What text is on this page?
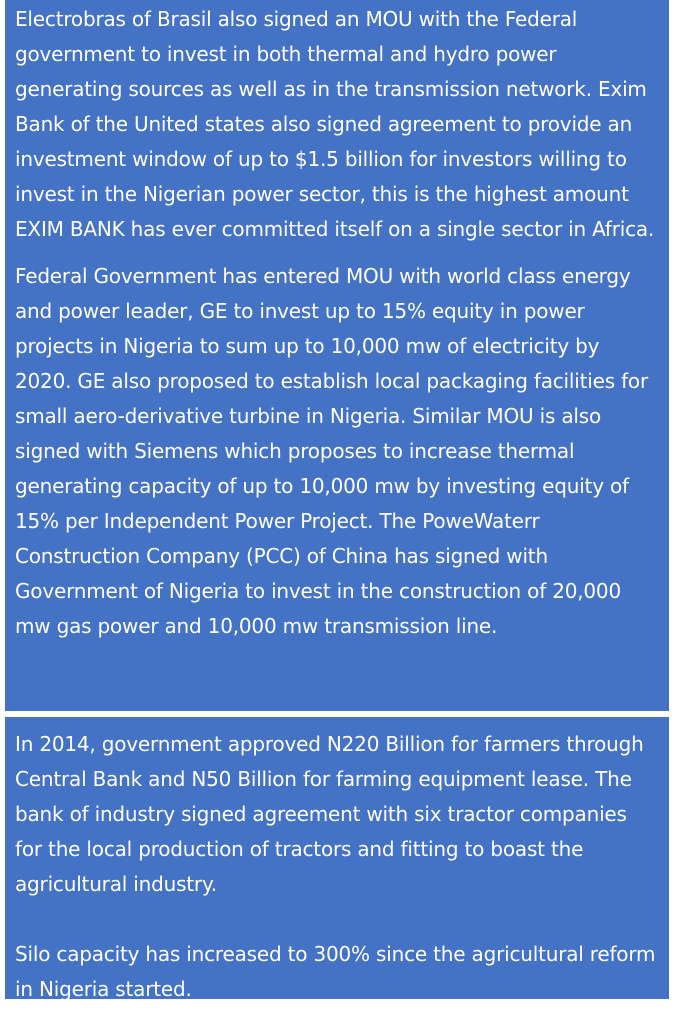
Electrobras of Brasil also signed an MOU with the Federal government to invest in both thermal and hydro power generating sources as well as in the transmission network. Exim Bank of the United states also signed agreement to provide an investment window of up to $1.5 billion for investors willing to invest in the Nigerian power sector, this is the highest amount EXIM BANK has ever committed itself on a single sector in Africa.

Federal Government has entered MOU with world class energy and power leader, GE to invest up to 15% equity in power projects in Nigeria to sum up to 10,000 mw of electricity by 2020. GE also proposed to establish local packaging facilities for small aero-derivative turbine in Nigeria. Similar MOU is also signed with Siemens which proposes to increase thermal generating capacity of up to 10,000 mw by investing equity of 15% per Independent Power Project. The PoweWaterr Construction Company (PCC) of China has signed with Government of Nigeria to invest in the construction of 20,000 mw gas power and 10,000 mw transmission line.

In 2014, government approved N220 Billion for farmers through Central Bank and N50 Billion for farming equipment lease. The bank of industry signed agreement with six tractor companies for the local production of tractors and fitting to boast the agricultural industry.

Silo capacity has increased to 300% since the agricultural reform in Nigeria started.
